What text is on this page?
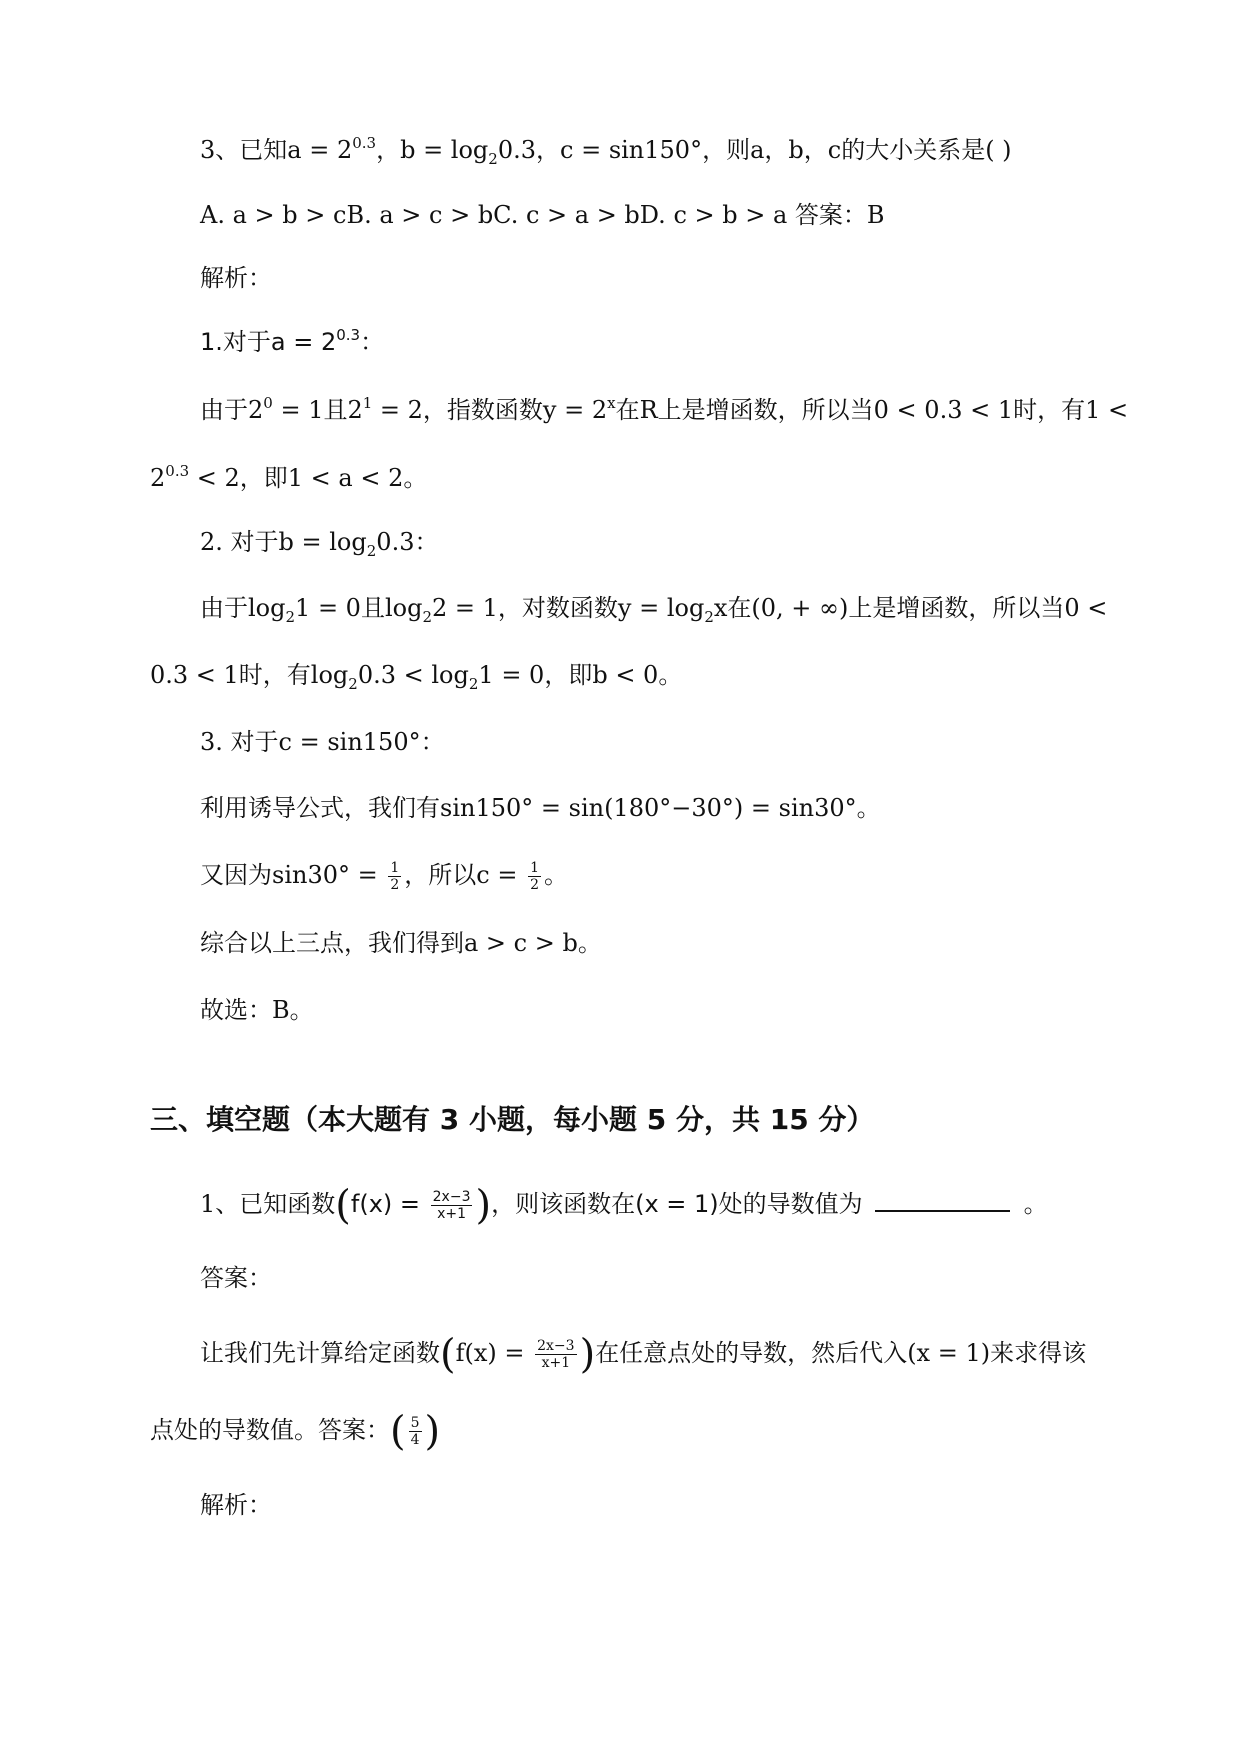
3、已知$a = 2^{0.3}$，$b = \log_20.3$，c = sin150°，则a，b，c的大小关系是( )
A. a > b > cB. a > c > bC. c > a > bD. c > b > a 答案：B
解析：
1.对于$a = 2^{0.3}$：
由于$2^0 = 1$且$2^1 = 2$，指数函数$y = 2^x$在R上是增函数，所以当0 < 0.3 < 1时，有1 <
$2^{0.3} < 2$，即1 < a < 2。
2. 对于$b = \log_20.3$：
由于$\log_21 = 0$且$\log_22 = 1$，对数函数$y = \log_2x$在(0, + ∞)上是增函数，所以当0 <
0.3 < 1时，有$\log_20.3 < \log_21 = 0$，即b < 0。
3. 对于c = sin150°：
利用诱导公式，我们有sin150° = sin(180°−30°) = sin30°。
又因为$\sin 30^\circ = \frac{1}{2}$ ，所以$c = \frac{1}{2}$ 。
综合以上三点，我们得到a > c > b。
故选：B。
三、填空题（本大题有 3 小题，每小题 5 分，共 15 分）
1、已知函数($f(x) = \frac{2x-3}{x+1}$ )，则该函数在(x = 1)处的导数值为	。
答案：
让我们先计算给定函数($f(x) = \frac{2x-3}{x+1}$ )在任意点处的导数，然后代入(x = 1)来求得该
点处的导数值。答案：( $\frac{5}{4}$ )
解析：
